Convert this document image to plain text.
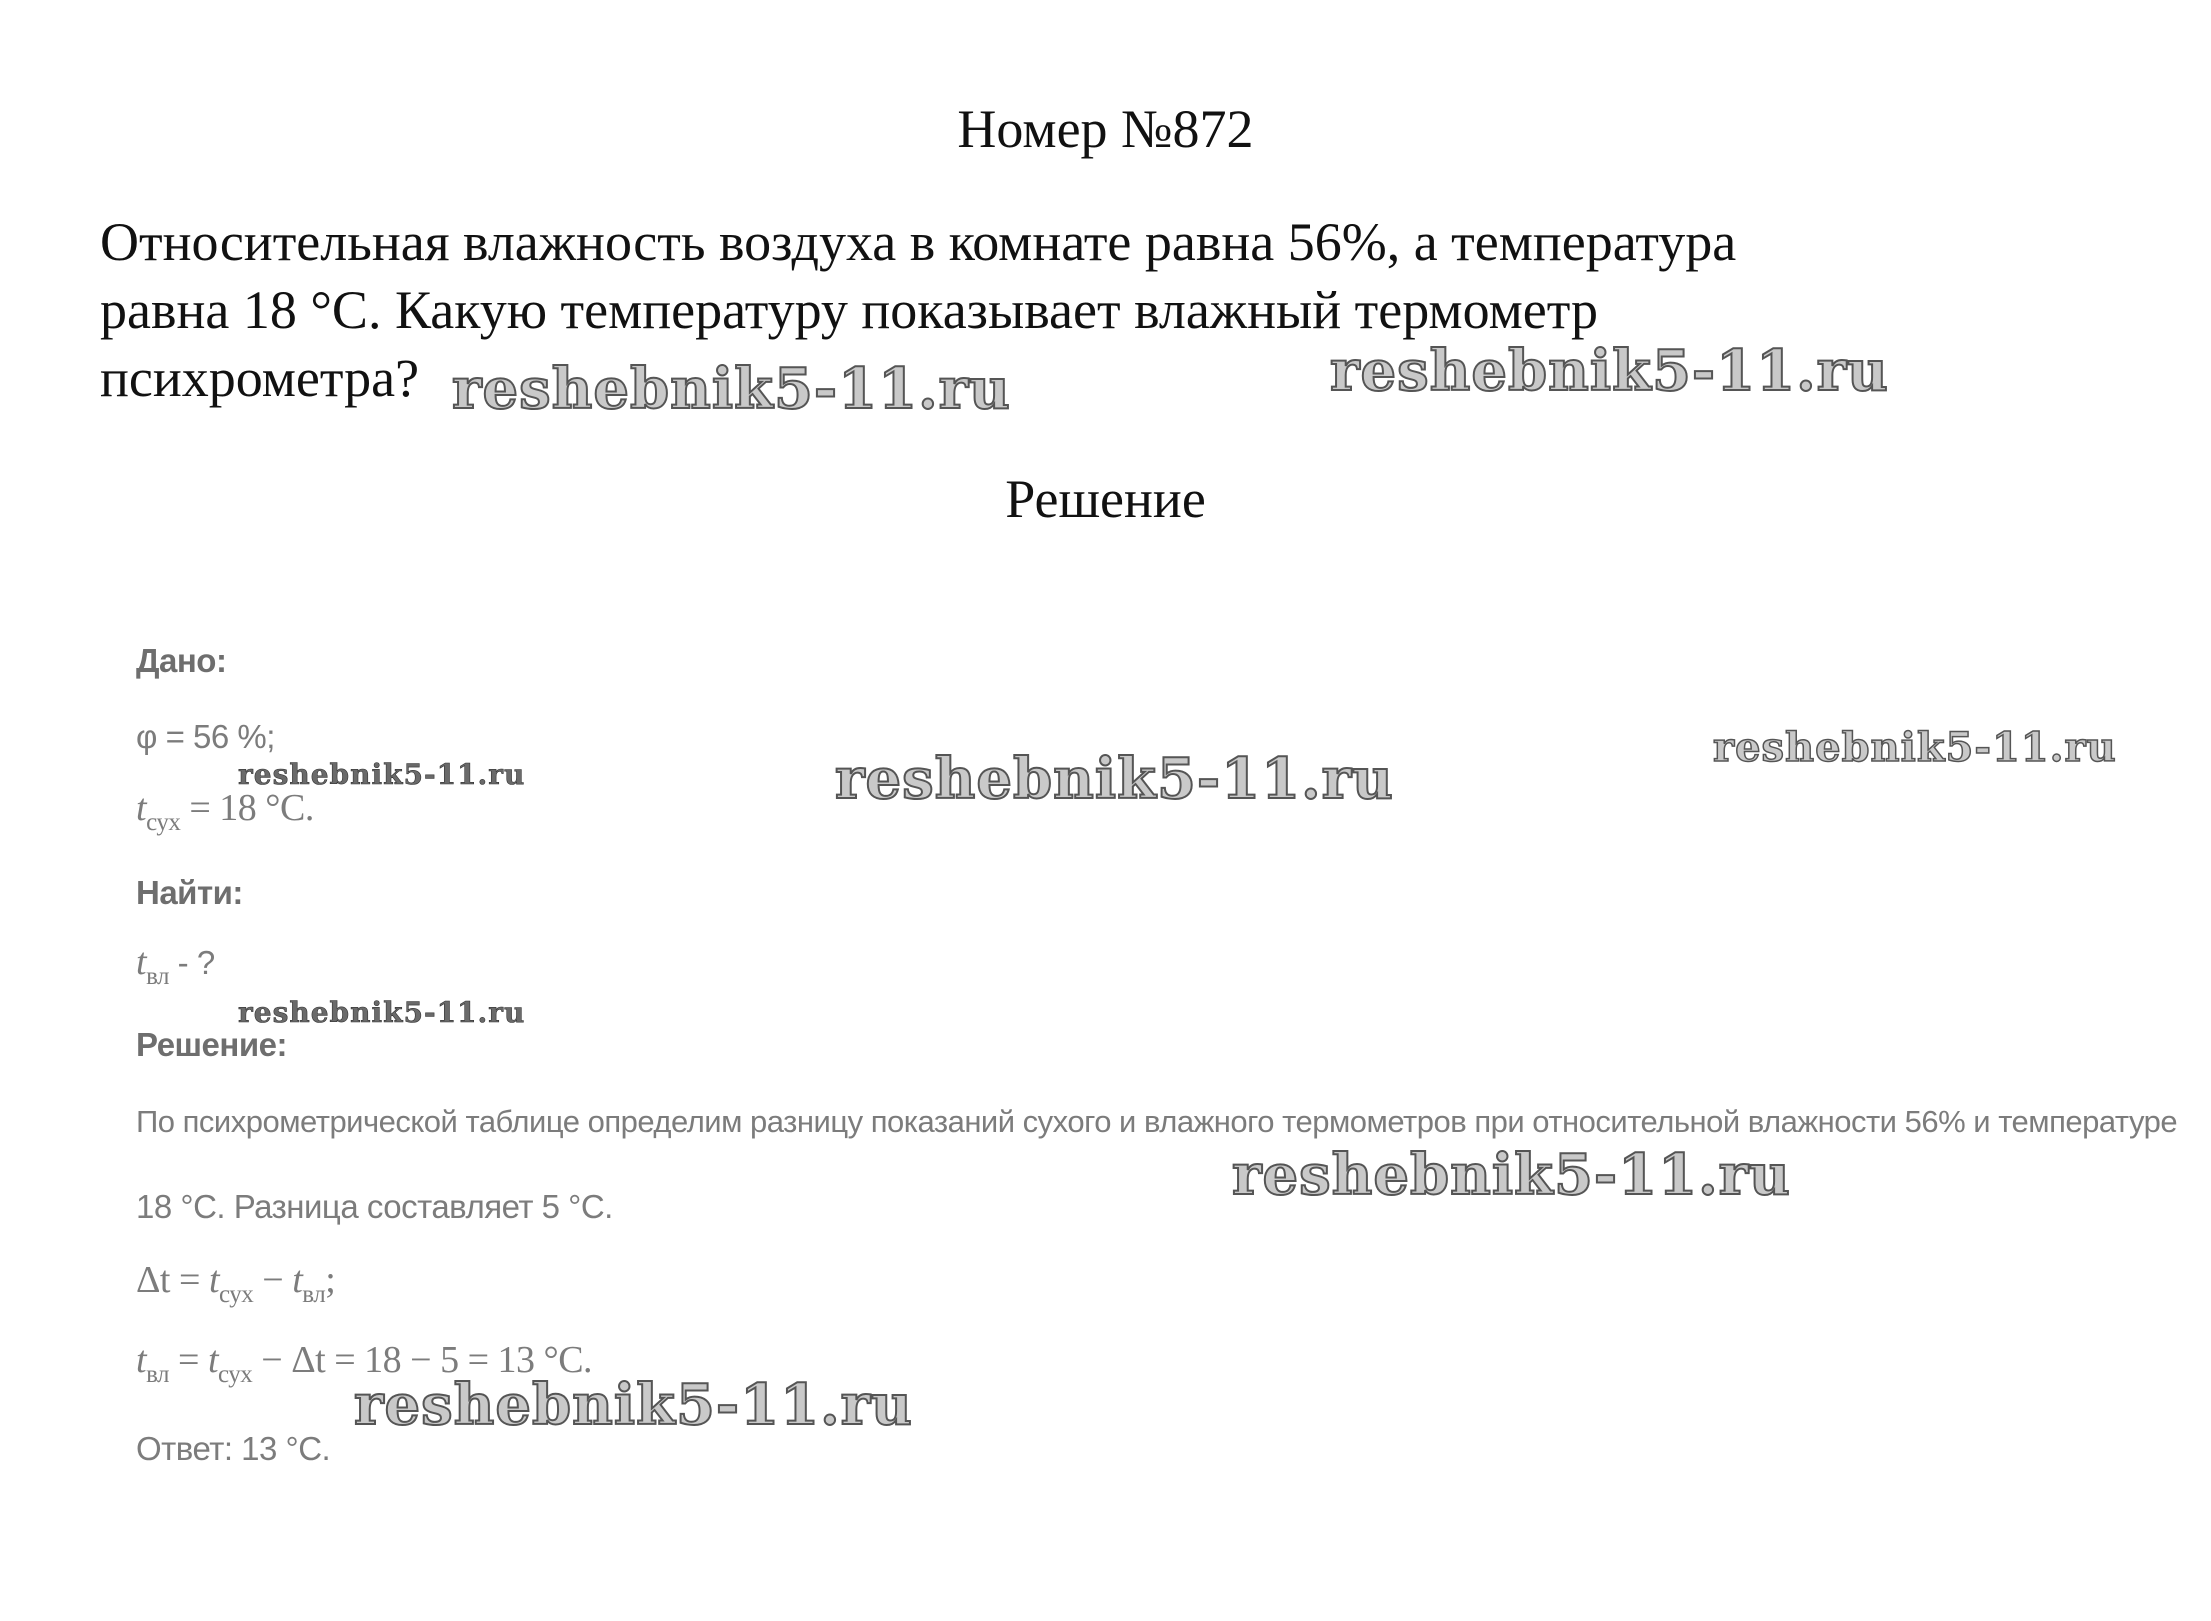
Номер №872
Относительная влажность воздуха в комнате равна 56%, а температура
равна 18 °С. Какую температуру показывает влажный термометр
психрометра?
Решение
Дано:
φ = 56 %;
$t_{сух} = 18$ °С.
Найти:
$t_{вл}$ - ?
Решение:
По психрометрической таблице определим разницу показаний сухого и влажного термометров при относительной влажности 56% и температуре
18 °С. Разница составляет 5 °С.
$\Delta t = t_{сух} - t_{вл}$;
$t_{вл} = t_{сух} - \Delta t = 18 - 5 = 13$ °С.
Ответ: 13 °С.
reshebnik5-11.ru	reshebnik5-11.ru
reshebnik5-11.ru	reshebnik5-11.ru	reshebnik5-11.ru
reshebnik5-11.ru
reshebnik5-11.ru
reshebnik5-11.ru
